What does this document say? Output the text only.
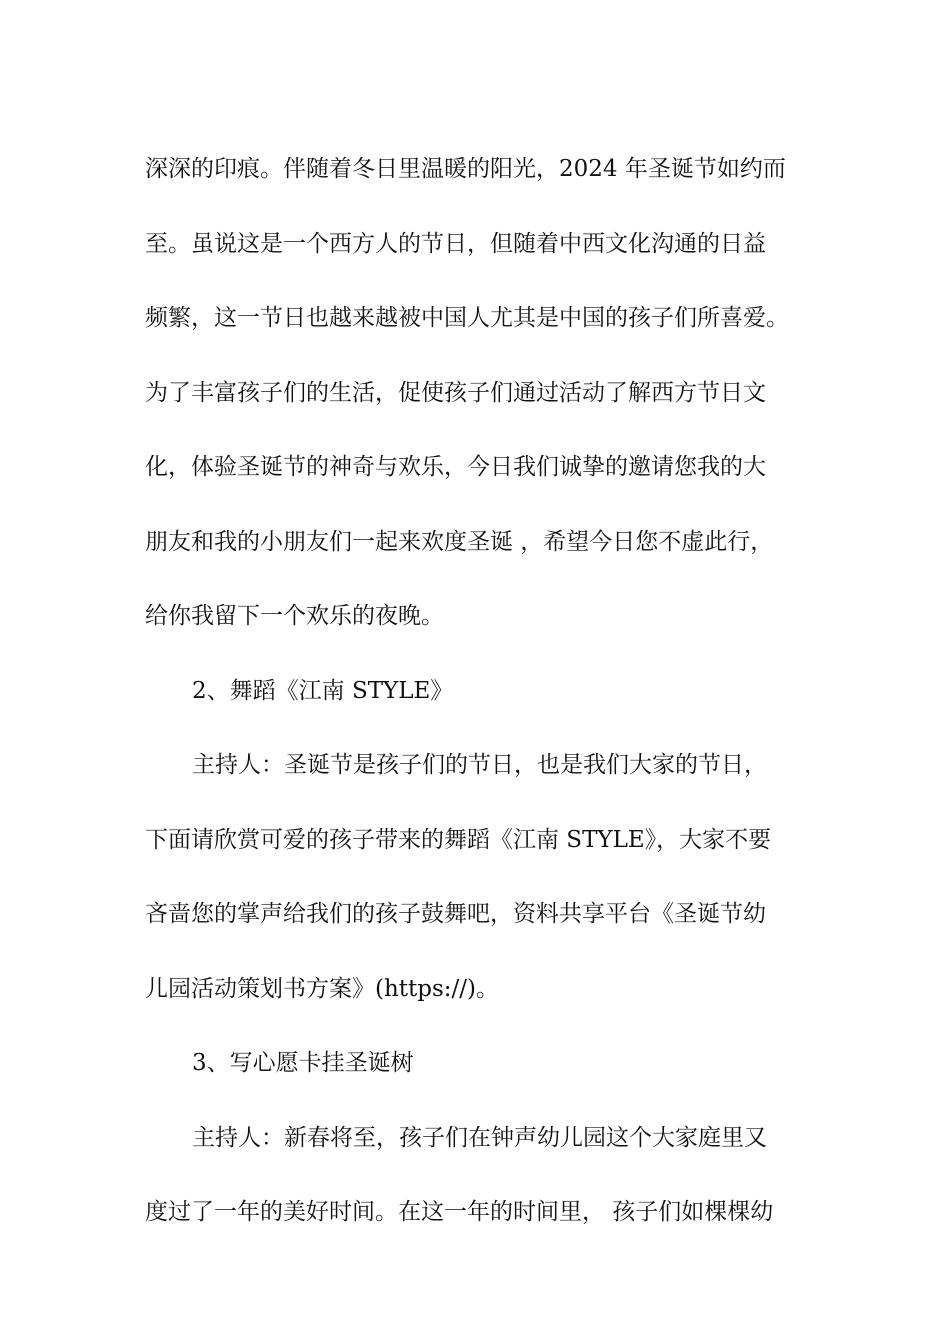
深深的印痕。伴随着冬日里温暖的阳光，2024 年圣诞节如约而
至。虽说这是一个西方人的节日，但随着中西文化沟通的日益
频繁，这一节日也越来越被中国人尤其是中国的孩子们所喜爱。
为了丰富孩子们的生活，促使孩子们通过活动了解西方节日文
化，体验圣诞节的神奇与欢乐，今日我们诚挚的邀请您我的大
朋友和我的小朋友们一起来欢度圣诞 ，希望今日您不虚此行，
给你我留下一个欢乐的夜晚。
2、舞蹈《江南 STYLE》
主持人：圣诞节是孩子们的节日，也是我们大家的节日，
下面请欣赏可爱的孩子带来的舞蹈《江南 STYLE》，大家不要
吝啬您的掌声给我们的孩子鼓舞吧，资料共享平台《圣诞节幼
儿园活动策划书方案》(https://)。
3、写心愿卡挂圣诞树
主持人：新春将至，孩子们在钟声幼儿园这个大家庭里又
度过了一年的美好时间。在这一年的时间里， 孩子们如棵棵幼
